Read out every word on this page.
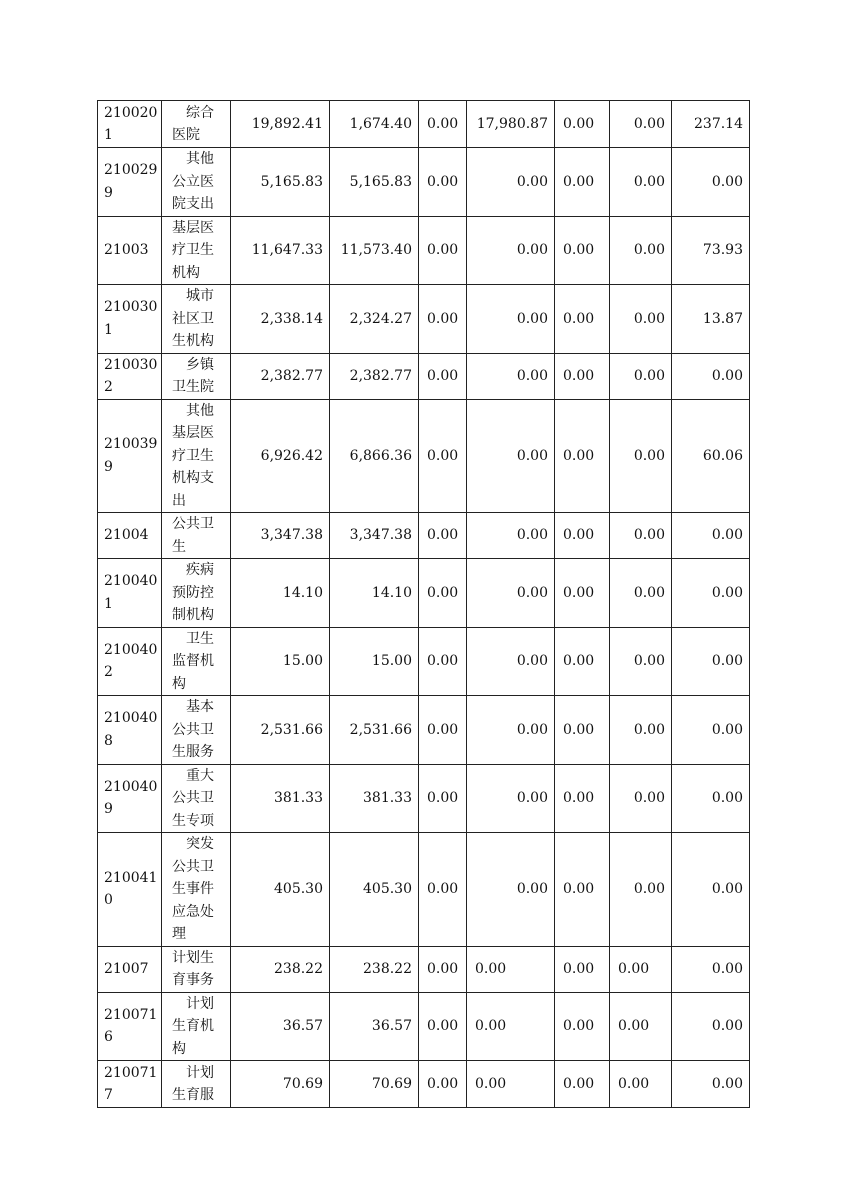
210020
1	综合
医院	19,892.41	1,674.40	0.00	17,980.87	0.00	0.00	237.14

210029
9	其他
公立医
院支出	5,165.83	5,165.83	0.00	0.00	0.00	0.00	0.00

21003	基层医
疗卫生
机构	11,647.33	11,573.40	0.00	0.00	0.00	0.00	73.93

210030
1	城市
社区卫
生机构	2,338.14	2,324.27	0.00	0.00	0.00	0.00	13.87

210030
2	乡镇
卫生院	2,382.77	2,382.77	0.00	0.00	0.00	0.00	0.00

210039
9	其他
基层医
疗卫生
机构支
出	6,926.42	6,866.36	0.00	0.00	0.00	0.00	60.06

21004	公共卫
生	3,347.38	3,347.38	0.00	0.00	0.00	0.00	0.00

210040
1	疾病
预防控
制机构	14.10	14.10	0.00	0.00	0.00	0.00	0.00

210040
2	卫生
监督机
构	15.00	15.00	0.00	0.00	0.00	0.00	0.00

210040
8	基本
公共卫
生服务	2,531.66	2,531.66	0.00	0.00	0.00	0.00	0.00

210040
9	重大
公共卫
生专项	381.33	381.33	0.00	0.00	0.00	0.00	0.00

210041
0	突发
公共卫
生事件
应急处
理	405.30	405.30	0.00	0.00	0.00	0.00	0.00

21007	计划生
育事务	238.22	238.22	0.00	0.00	0.00	0.00	0.00

210071
6	计划
生育机
构	36.57	36.57	0.00	0.00	0.00	0.00	0.00

210071
7	计划
生育服	70.69	70.69	0.00	0.00	0.00	0.00	0.00
